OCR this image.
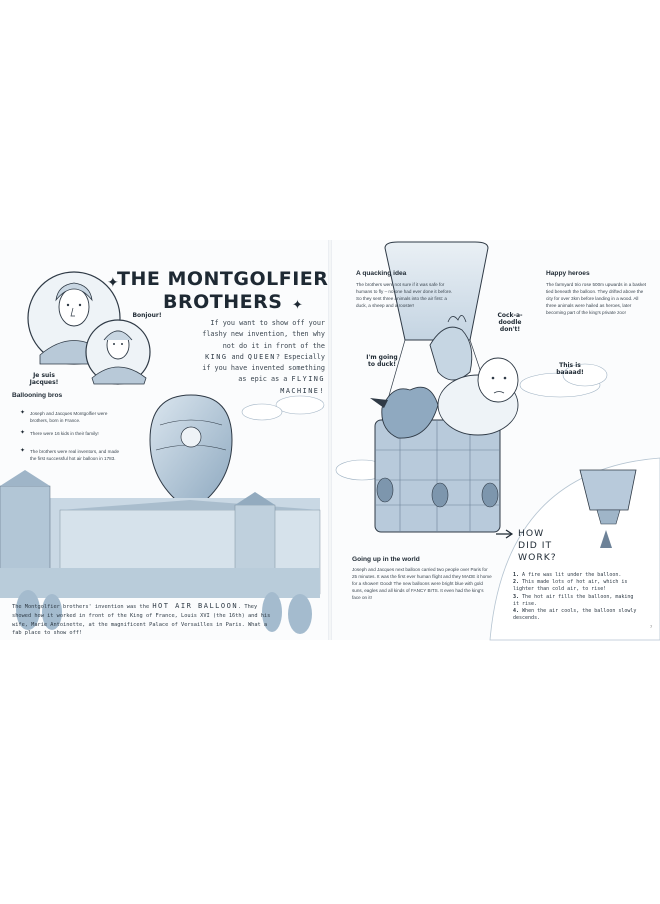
✦
✦
THE MONTGOLFIER
BROTHERS
If you want to show off your flashy new invention, then why not do it in front of the KING and QUEEN? Especially if you have invented something as epic as a FLYING MACHINE!
Bonjour!
Je suis Jacques!
I'm going to duck!
Cock-a-doodle don't!
This is baaaad!
Ballooning bros
✦ Joseph and Jacques Montgolfier were brothers, born in France.
✦ There were 16 kids in their family!
✦ The brothers were real inventors, and made the first successful hot air balloon in 1783.
The Montgolfier brothers' invention was the HOT AIR BALLOON. They showed how it worked in front of the King of France, Louis XVI (the 16th) and his wife, Marie Antoinette, at the magnificent Palace of Versailles in Paris. What a fab place to show off!
A quacking idea
The brothers were not sure if it was safe for humans to fly – no one had ever done it before. So they sent three animals into the air first: a duck, a sheep and a rooster!
Happy heroes
The farmyard trio rose 500m upwards in a basket tied beneath the balloon. They drifted above the city for over 3km before landing in a wood. All three animals were hailed as heroes, later becoming part of the king's private zoo!
Going up in the world
Joseph and Jacques next balloon carried two people over Paris for 25 minutes. It was the first ever human flight and they MADE it home for a shower! Good! The new balloons were bright blue with gold suns, eagles and all kinds of FANCY BITS. It even had the king's face on it!
HOW
DID IT
WORK?
1. A fire was lit under the balloon.
2. This made lots of hot air, which is lighter than cold air, to rise!
3. The hot air fills the balloon, making it rise.
4. When the air cools, the balloon slowly descends.
7
